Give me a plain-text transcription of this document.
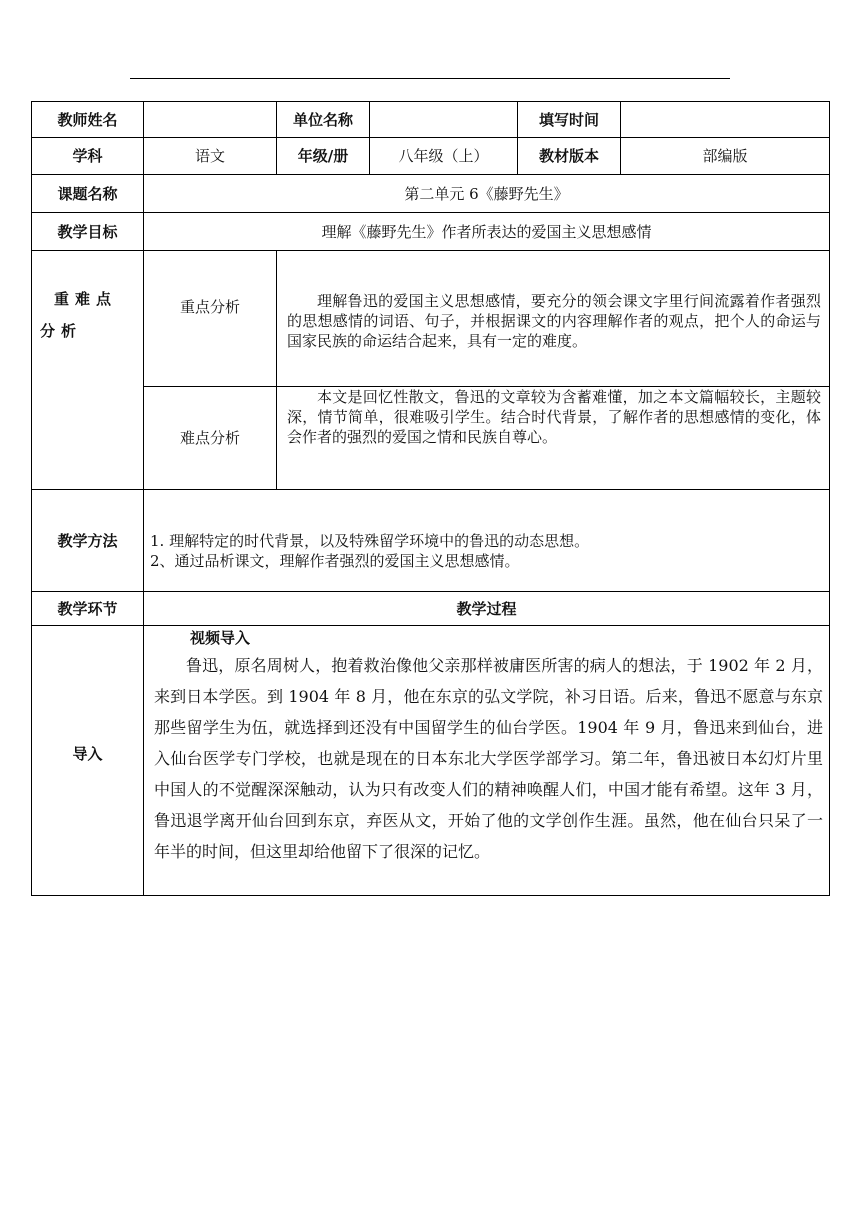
教师姓名		单位名称		填写时间	
学科	语文	年级/册	八年级（上）	教材版本	部编版
课题名称	第二单元 6《藤野先生》				
教学目标	理解《藤野先生》作者所表达的爱国主义思想感情				
重难点分析	重点分析	理解鲁迅的爱国主义思想感情，要充分的领会课文字里行间流露着作者强烈的思想感情的词语、句子，并根据课文的内容理解作者的观点，把个人的命运与国家民族的命运结合起来，具有一定的难度。			
	难点分析	本文是回忆性散文，鲁迅的文章较为含蓄难懂，加之本文篇幅较长，主题较深，情节简单，很难吸引学生。结合时代背景，了解作者的思想感情的变化，体会作者的强烈的爱国之情和民族自尊心。			
教学方法	1. 理解特定的时代背景，以及特殊留学环境中的鲁迅的动态思想。
2、通过品析课文，理解作者强烈的爱国主义思想感情。				

教学环节	教学过程				
导入	视频导入
鲁迅，原名周树人，抱着救治像他父亲那样被庸医所害的病人的想法，于 1902 年 2 月，来到日本学医。到 1904 年 8 月，他在东京的弘文学院，补习日语。后来，鲁迅不愿意与东京那些留学生为伍，就选择到还没有中国留学生的仙台学医。1904 年 9 月，鲁迅来到仙台，进入仙台医学专门学校，也就是现在的日本东北大学医学部学习。第二年，鲁迅被日本幻灯片里中国人的不觉醒深深触动，认为只有改变人们的精神唤醒人们，中国才能有希望。这年 3 月，鲁迅退学离开仙台回到东京，弃医从文，开始了他的文学创作生涯。虽然，他在仙台只呆了一年半的时间，但这里却给他留下了很深的记忆。				
